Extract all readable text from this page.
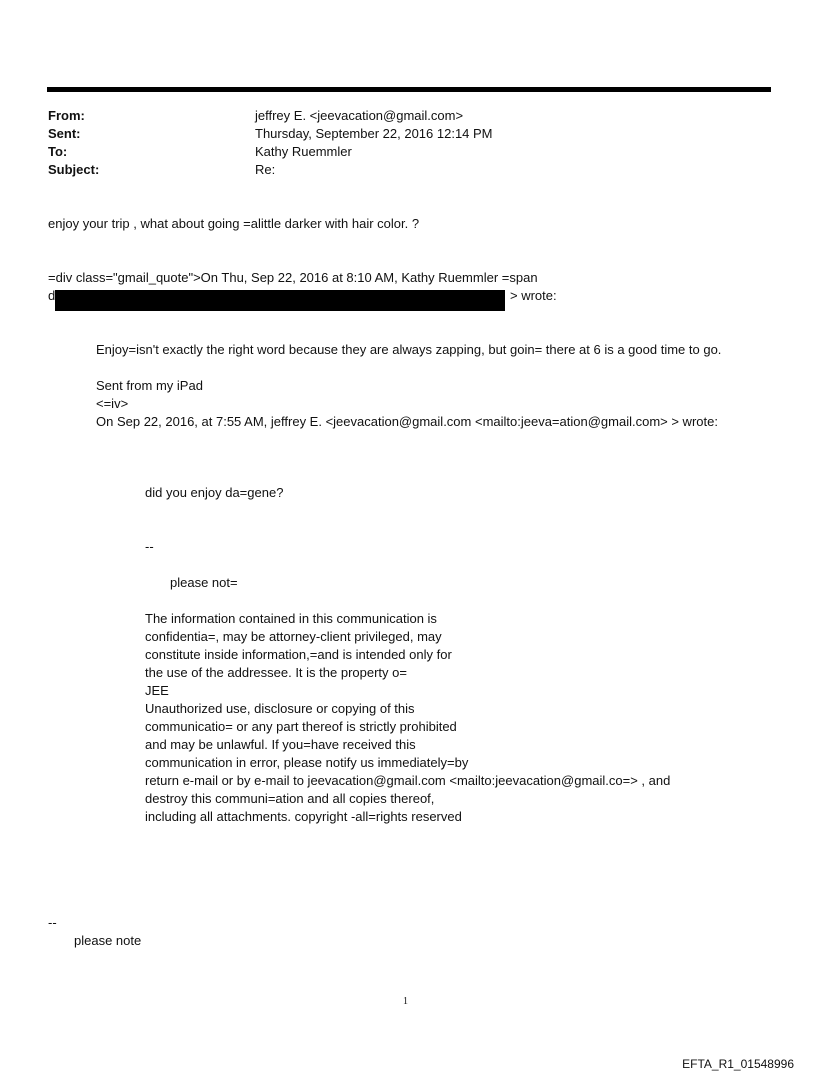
From:	jeffrey E. <jeevacation@gmail.com>
Sent:	Thursday, September 22, 2016 12:14 PM
To:	Kathy Ruemmler
Subject:	Re:
enjoy your trip , what about going =alittle darker with hair color. ?
=div class="gmail_quote">On Thu, Sep 22, 2016 at 8:10 AM, Kathy Ruemmler =span
d	> wrote:
Enjoy=isn't exactly the right word because they are always zapping, but goin= there at 6 is a good time to go.
Sent from my iPad
<=iv>
On Sep 22, 2016, at 7:55 AM, jeffrey E. <jeevacation@gmail.com <mailto:jeeva=ation@gmail.com> > wrote:
did you enjoy da=gene?
--
please not=
The information contained in this communication is
confidentia=, may be attorney-client privileged, may
constitute inside information,=and is intended only for
the use of the addressee. It is the property o=
JEE
Unauthorized use, disclosure or copying of this
communicatio= or any part thereof is strictly prohibited
and may be unlawful. If you=have received this
communication in error, please notify us immediately=by
return e-mail or by e-mail to jeevacation@gmail.com <mailto:jeevacation@gmail.co=> , and
destroy this communi=ation and all copies thereof,
including all attachments. copyright -all=rights reserved
--
please note
1
EFTA_R1_01548996
